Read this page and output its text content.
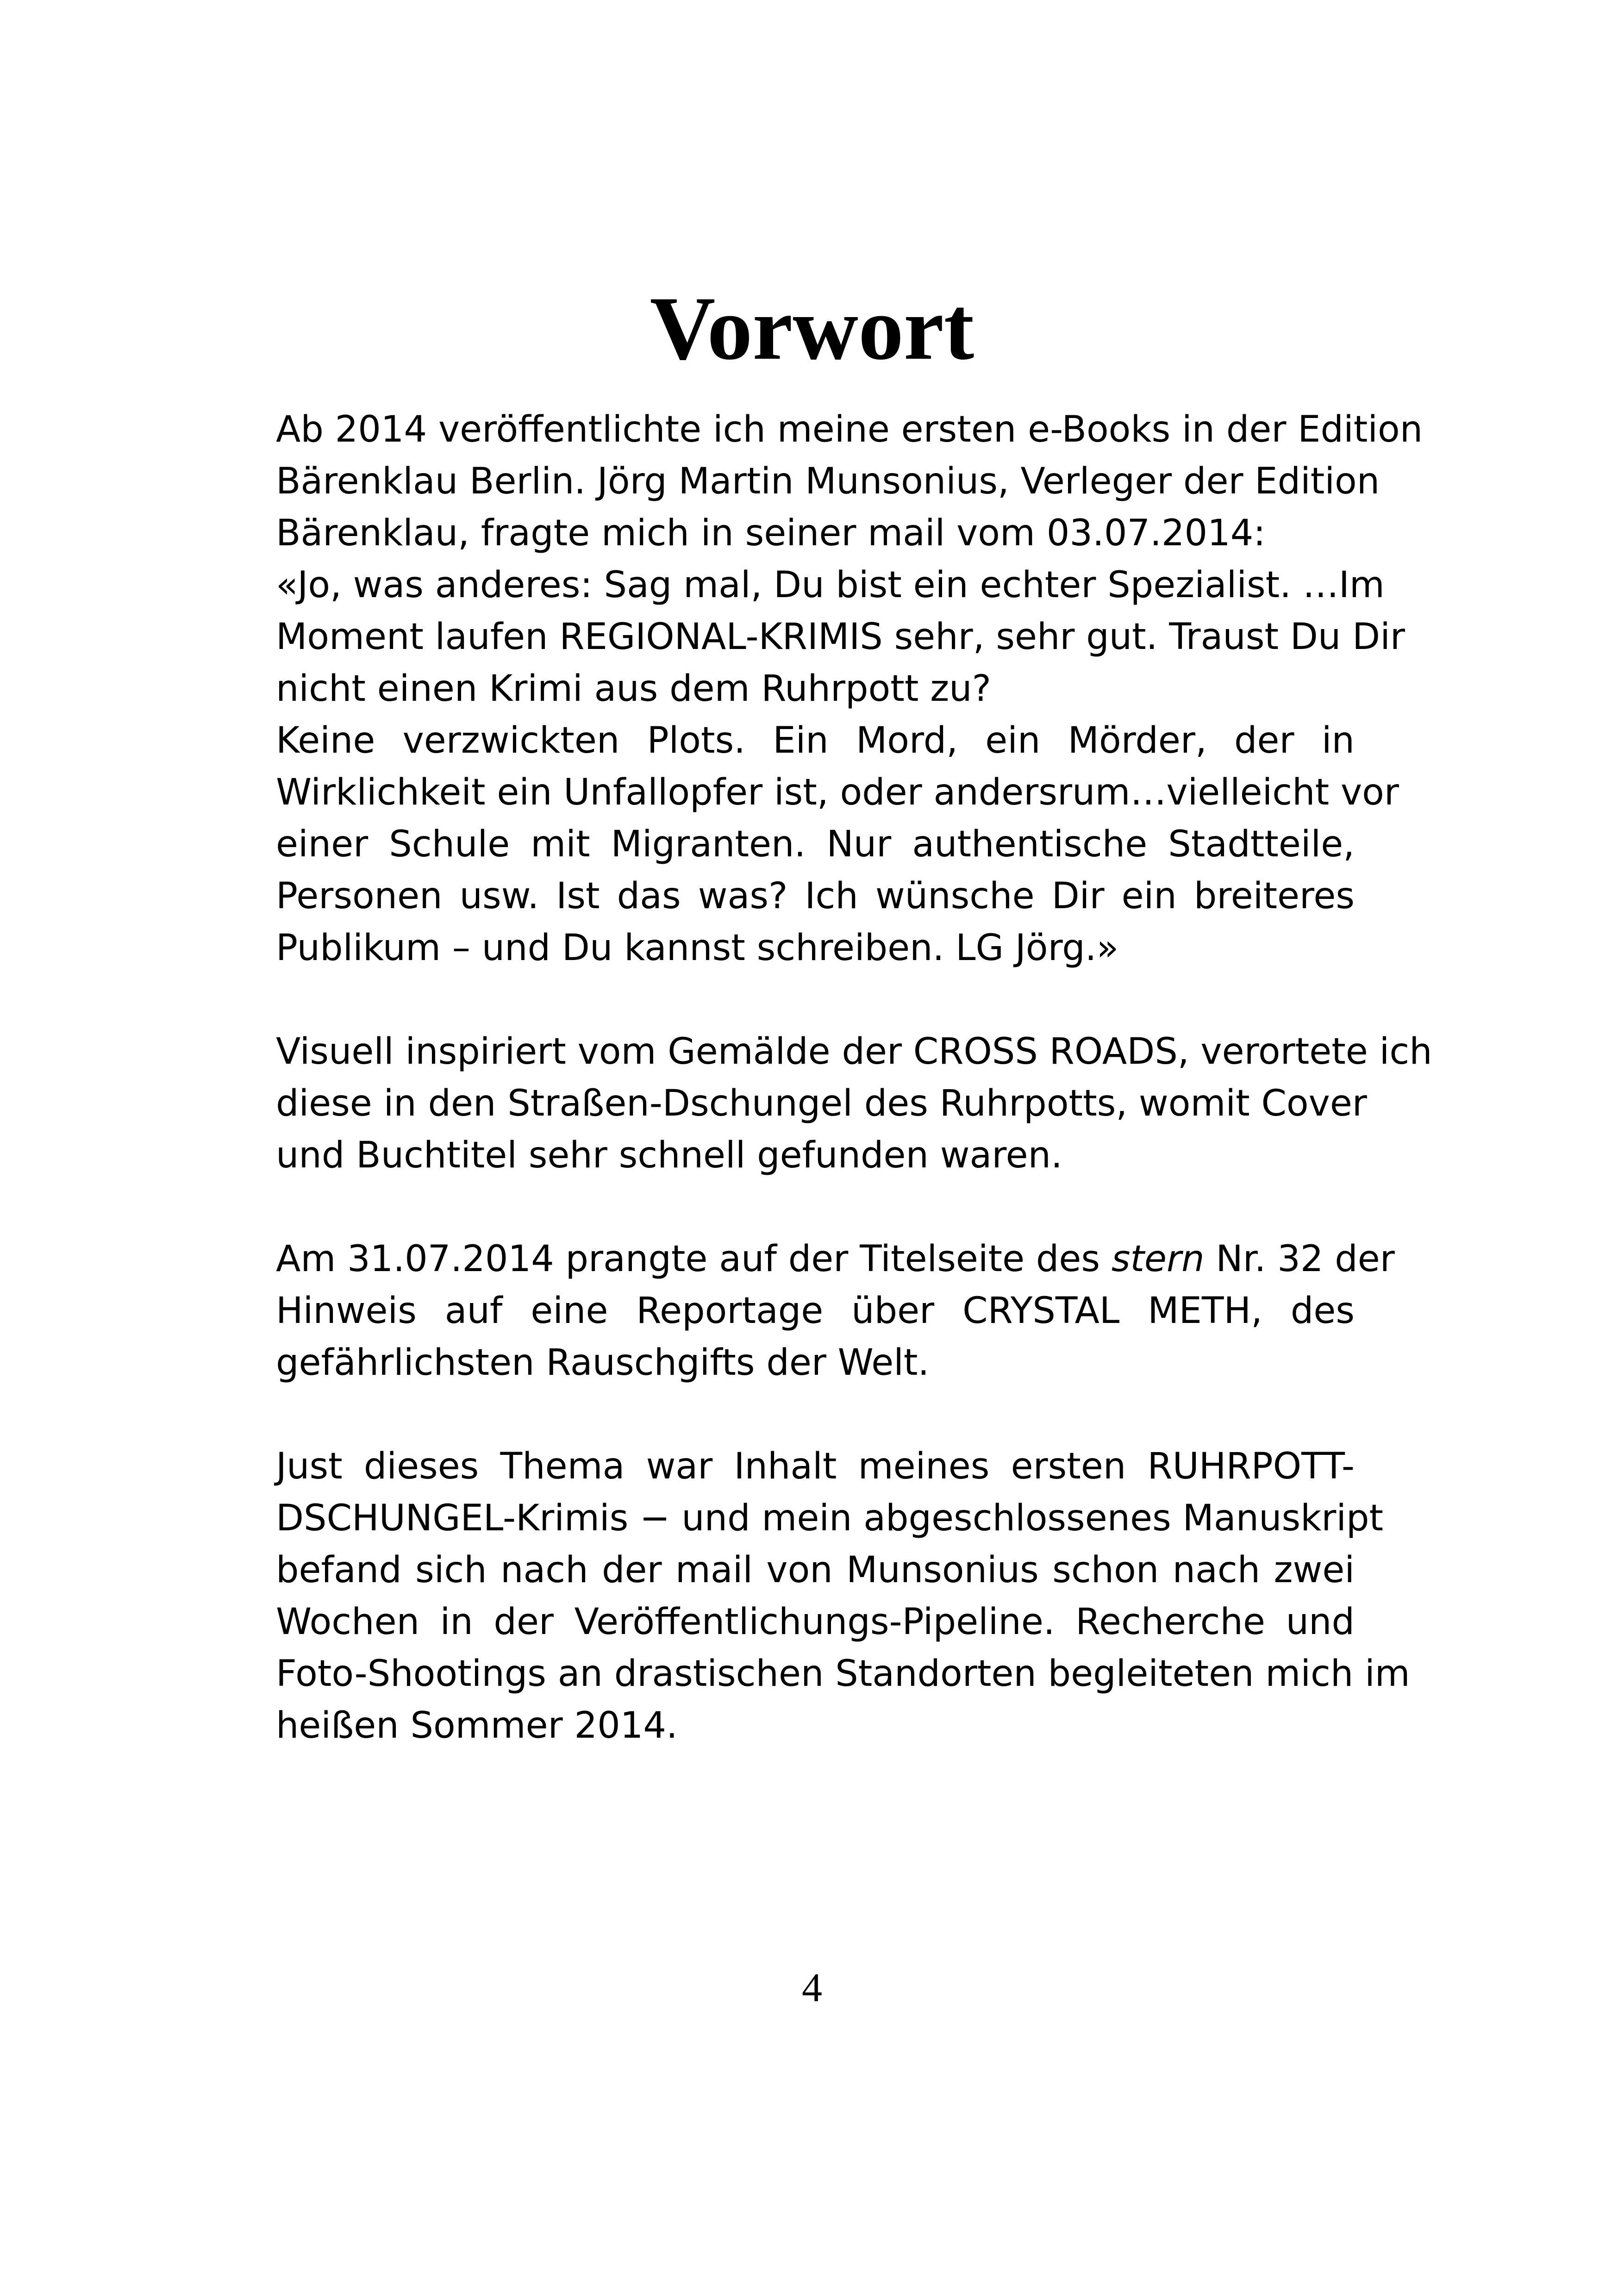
Vorwort
Ab 2014 veröffentlichte ich meine ersten e-Books in der Edition
Bärenklau Berlin. Jörg Martin Munsonius, Verleger der Edition
Bärenklau, fragte mich in seiner mail vom 03.07.2014:
«Jo, was anderes: Sag mal, Du bist ein echter Spezialist. …Im
Moment laufen REGIONAL-KRIMIS sehr, sehr gut. Traust Du Dir
nicht einen Krimi aus dem Ruhrpott zu?
Keine verzwickten Plots. Ein Mord, ein Mörder, der in
Wirklichkeit ein Unfallopfer ist, oder andersrum…vielleicht vor
einer Schule mit Migranten. Nur authentische Stadtteile,
Personen usw. Ist das was? Ich wünsche Dir ein breiteres
Publikum – und Du kannst schreiben. LG Jörg.»
Visuell inspiriert vom Gemälde der CROSS ROADS, verortete ich
diese in den Straßen-Dschungel des Ruhrpotts, womit Cover
und Buchtitel sehr schnell gefunden waren.
Am 31.07.2014 prangte auf der Titelseite des stern Nr. 32 der
Hinweis auf eine Reportage über CRYSTAL METH, des
gefährlichsten Rauschgifts der Welt.
Just dieses Thema war Inhalt meines ersten RUHRPOTT-
DSCHUNGEL-Krimis − und mein abgeschlossenes Manuskript
befand sich nach der mail von Munsonius schon nach zwei
Wochen in der Veröffentlichungs-Pipeline. Recherche und
Foto-Shootings an drastischen Standorten begleiteten mich im
heißen Sommer 2014.
4
